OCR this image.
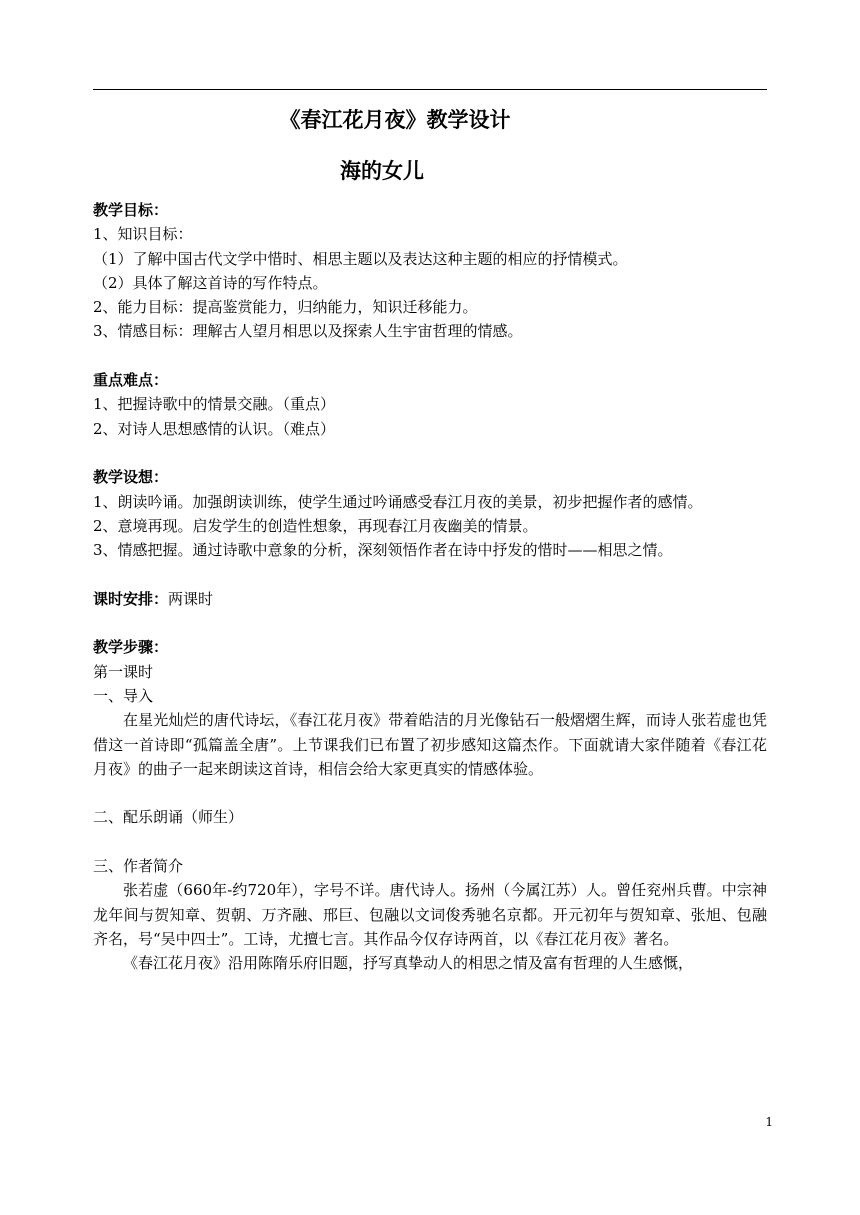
《春江花月夜》教学设计
海的女儿
教学目标：
1、知识目标：
（1）了解中国古代文学中惜时、相思主题以及表达这种主题的相应的抒情模式。
（2）具体了解这首诗的写作特点。
2、能力目标：提高鉴赏能力，归纳能力，知识迁移能力。
3、情感目标：理解古人望月相思以及探索人生宇宙哲理的情感。
重点难点：
1、把握诗歌中的情景交融。（重点）
2、对诗人思想感情的认识。（难点）
教学设想：
1、朗读吟诵。加强朗读训练，使学生通过吟诵感受春江月夜的美景，初步把握作者的感情。
2、意境再现。启发学生的创造性想象，再现春江月夜幽美的情景。
3、情感把握。通过诗歌中意象的分析，深刻领悟作者在诗中抒发的惜时——相思之情。
课时安排：两课时
教学步骤：
第一课时
一、导入
在星光灿烂的唐代诗坛，《春江花月夜》带着皓洁的月光像钻石一般熠熠生辉，而诗人张若虚也凭借这一首诗即“孤篇盖全唐”。上节课我们已布置了初步感知这篇杰作。下面就请大家伴随着《春江花月夜》的曲子一起来朗读这首诗，相信会给大家更真实的情感体验。
二、配乐朗诵（师生）
三、作者简介
张若虚（660年-约720年），字号不详。唐代诗人。扬州（今属江苏）人。曾任兖州兵曹。中宗神龙年间与贺知章、贺朝、万齐融、邢巨、包融以文词俊秀驰名京都。开元初年与贺知章、张旭、包融齐名，号“吴中四士”。工诗，尤擅七言。其作品今仅存诗两首，以《春江花月夜》著名。
《春江花月夜》沿用陈隋乐府旧题，抒写真挚动人的相思之情及富有哲理的人生感慨，
1
